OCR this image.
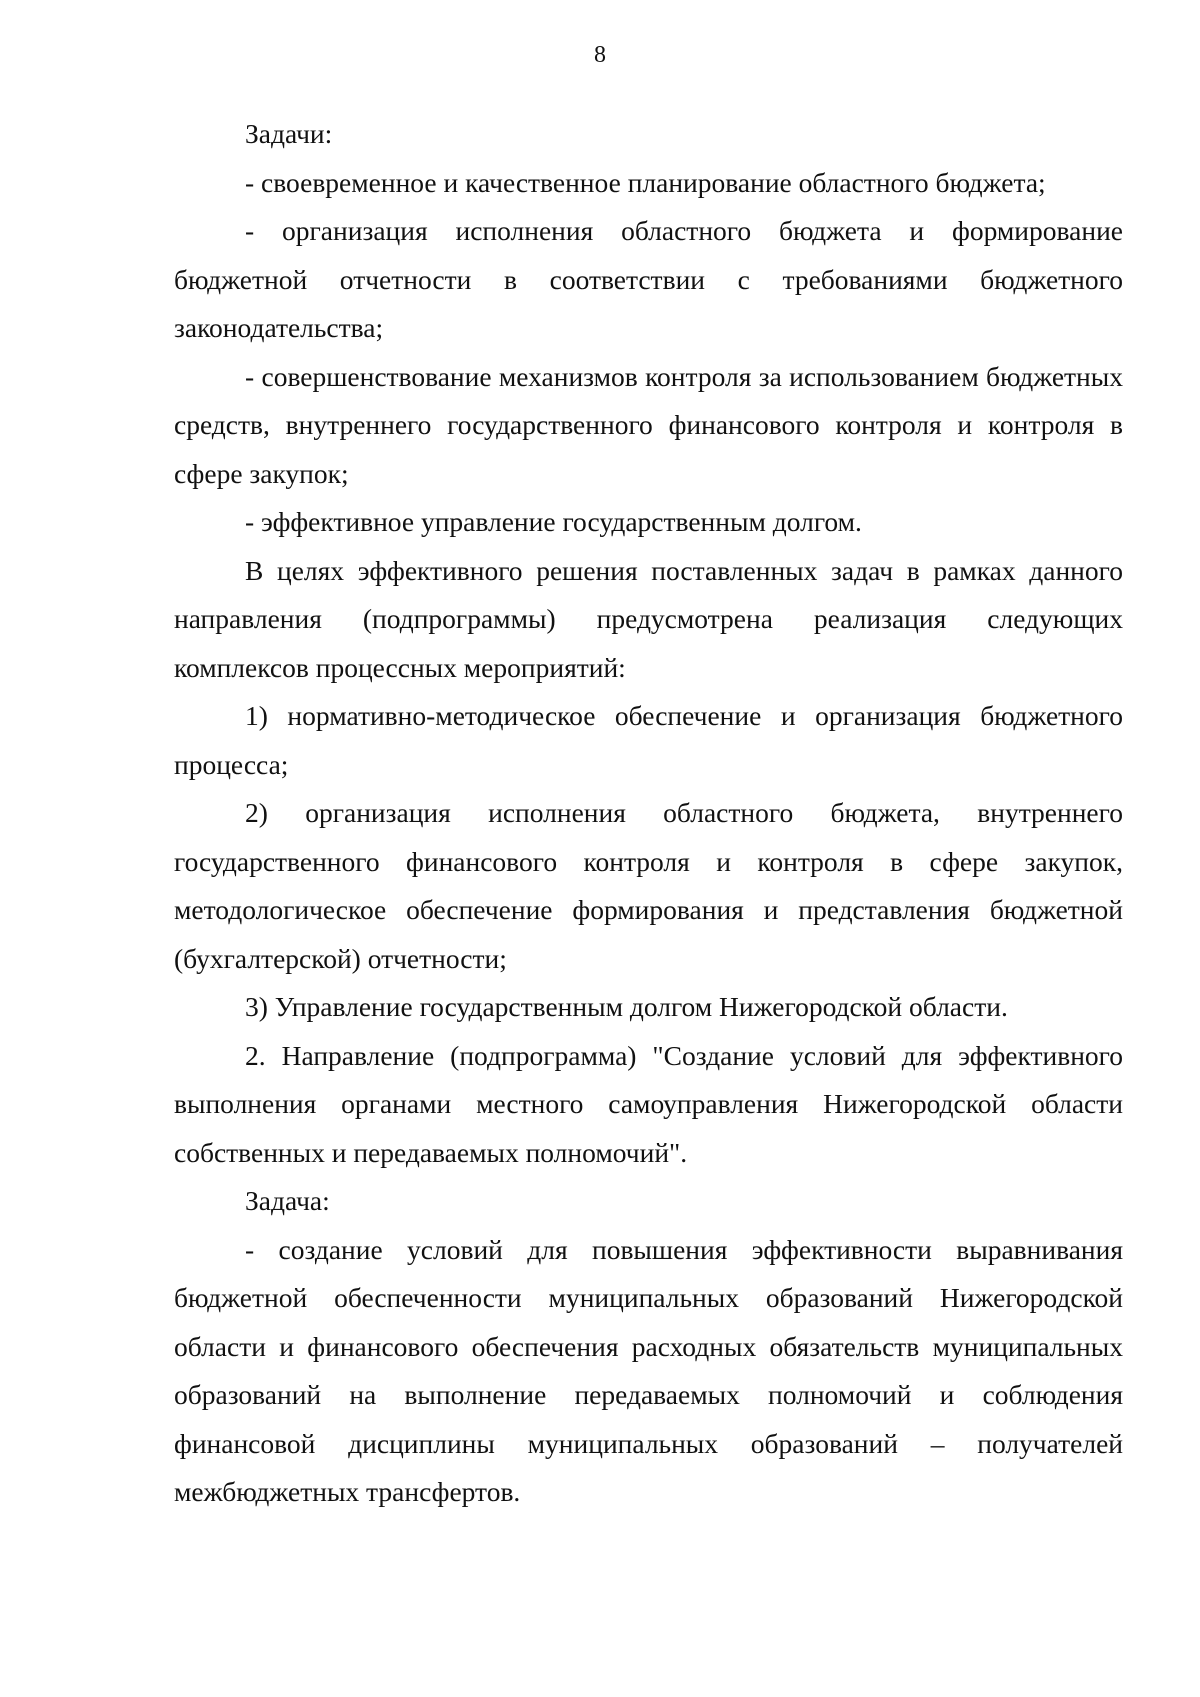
8

Задачи:

- своевременное и качественное планирование областного бюджета;

- организация исполнения областного бюджета и формирование бюджетной отчетности в соответствии с требованиями бюджетного законодательства;

- совершенствование механизмов контроля за использованием бюджетных средств, внутреннего государственного финансового контроля и контроля в сфере закупок;

- эффективное управление государственным долгом.

В целях эффективного решения поставленных задач в рамках данного направления (подпрограммы) предусмотрена реализация следующих комплексов процессных мероприятий:

1) нормативно-методическое обеспечение и организация бюджетного процесса;

2) организация исполнения областного бюджета, внутреннего государственного финансового контроля и контроля в сфере закупок, методологическое обеспечение формирования и представления бюджетной (бухгалтерской) отчетности;

3) Управление государственным долгом Нижегородской области.

2. Направление (подпрограмма) "Создание условий для эффективного выполнения органами местного самоуправления Нижегородской области собственных и передаваемых полномочий".

Задача:

- создание условий для повышения эффективности выравнивания бюджетной обеспеченности муниципальных образований Нижегородской области и финансового обеспечения расходных обязательств муниципальных образований на выполнение передаваемых полномочий и соблюдения финансовой дисциплины муниципальных образований – получателей межбюджетных трансфертов.
